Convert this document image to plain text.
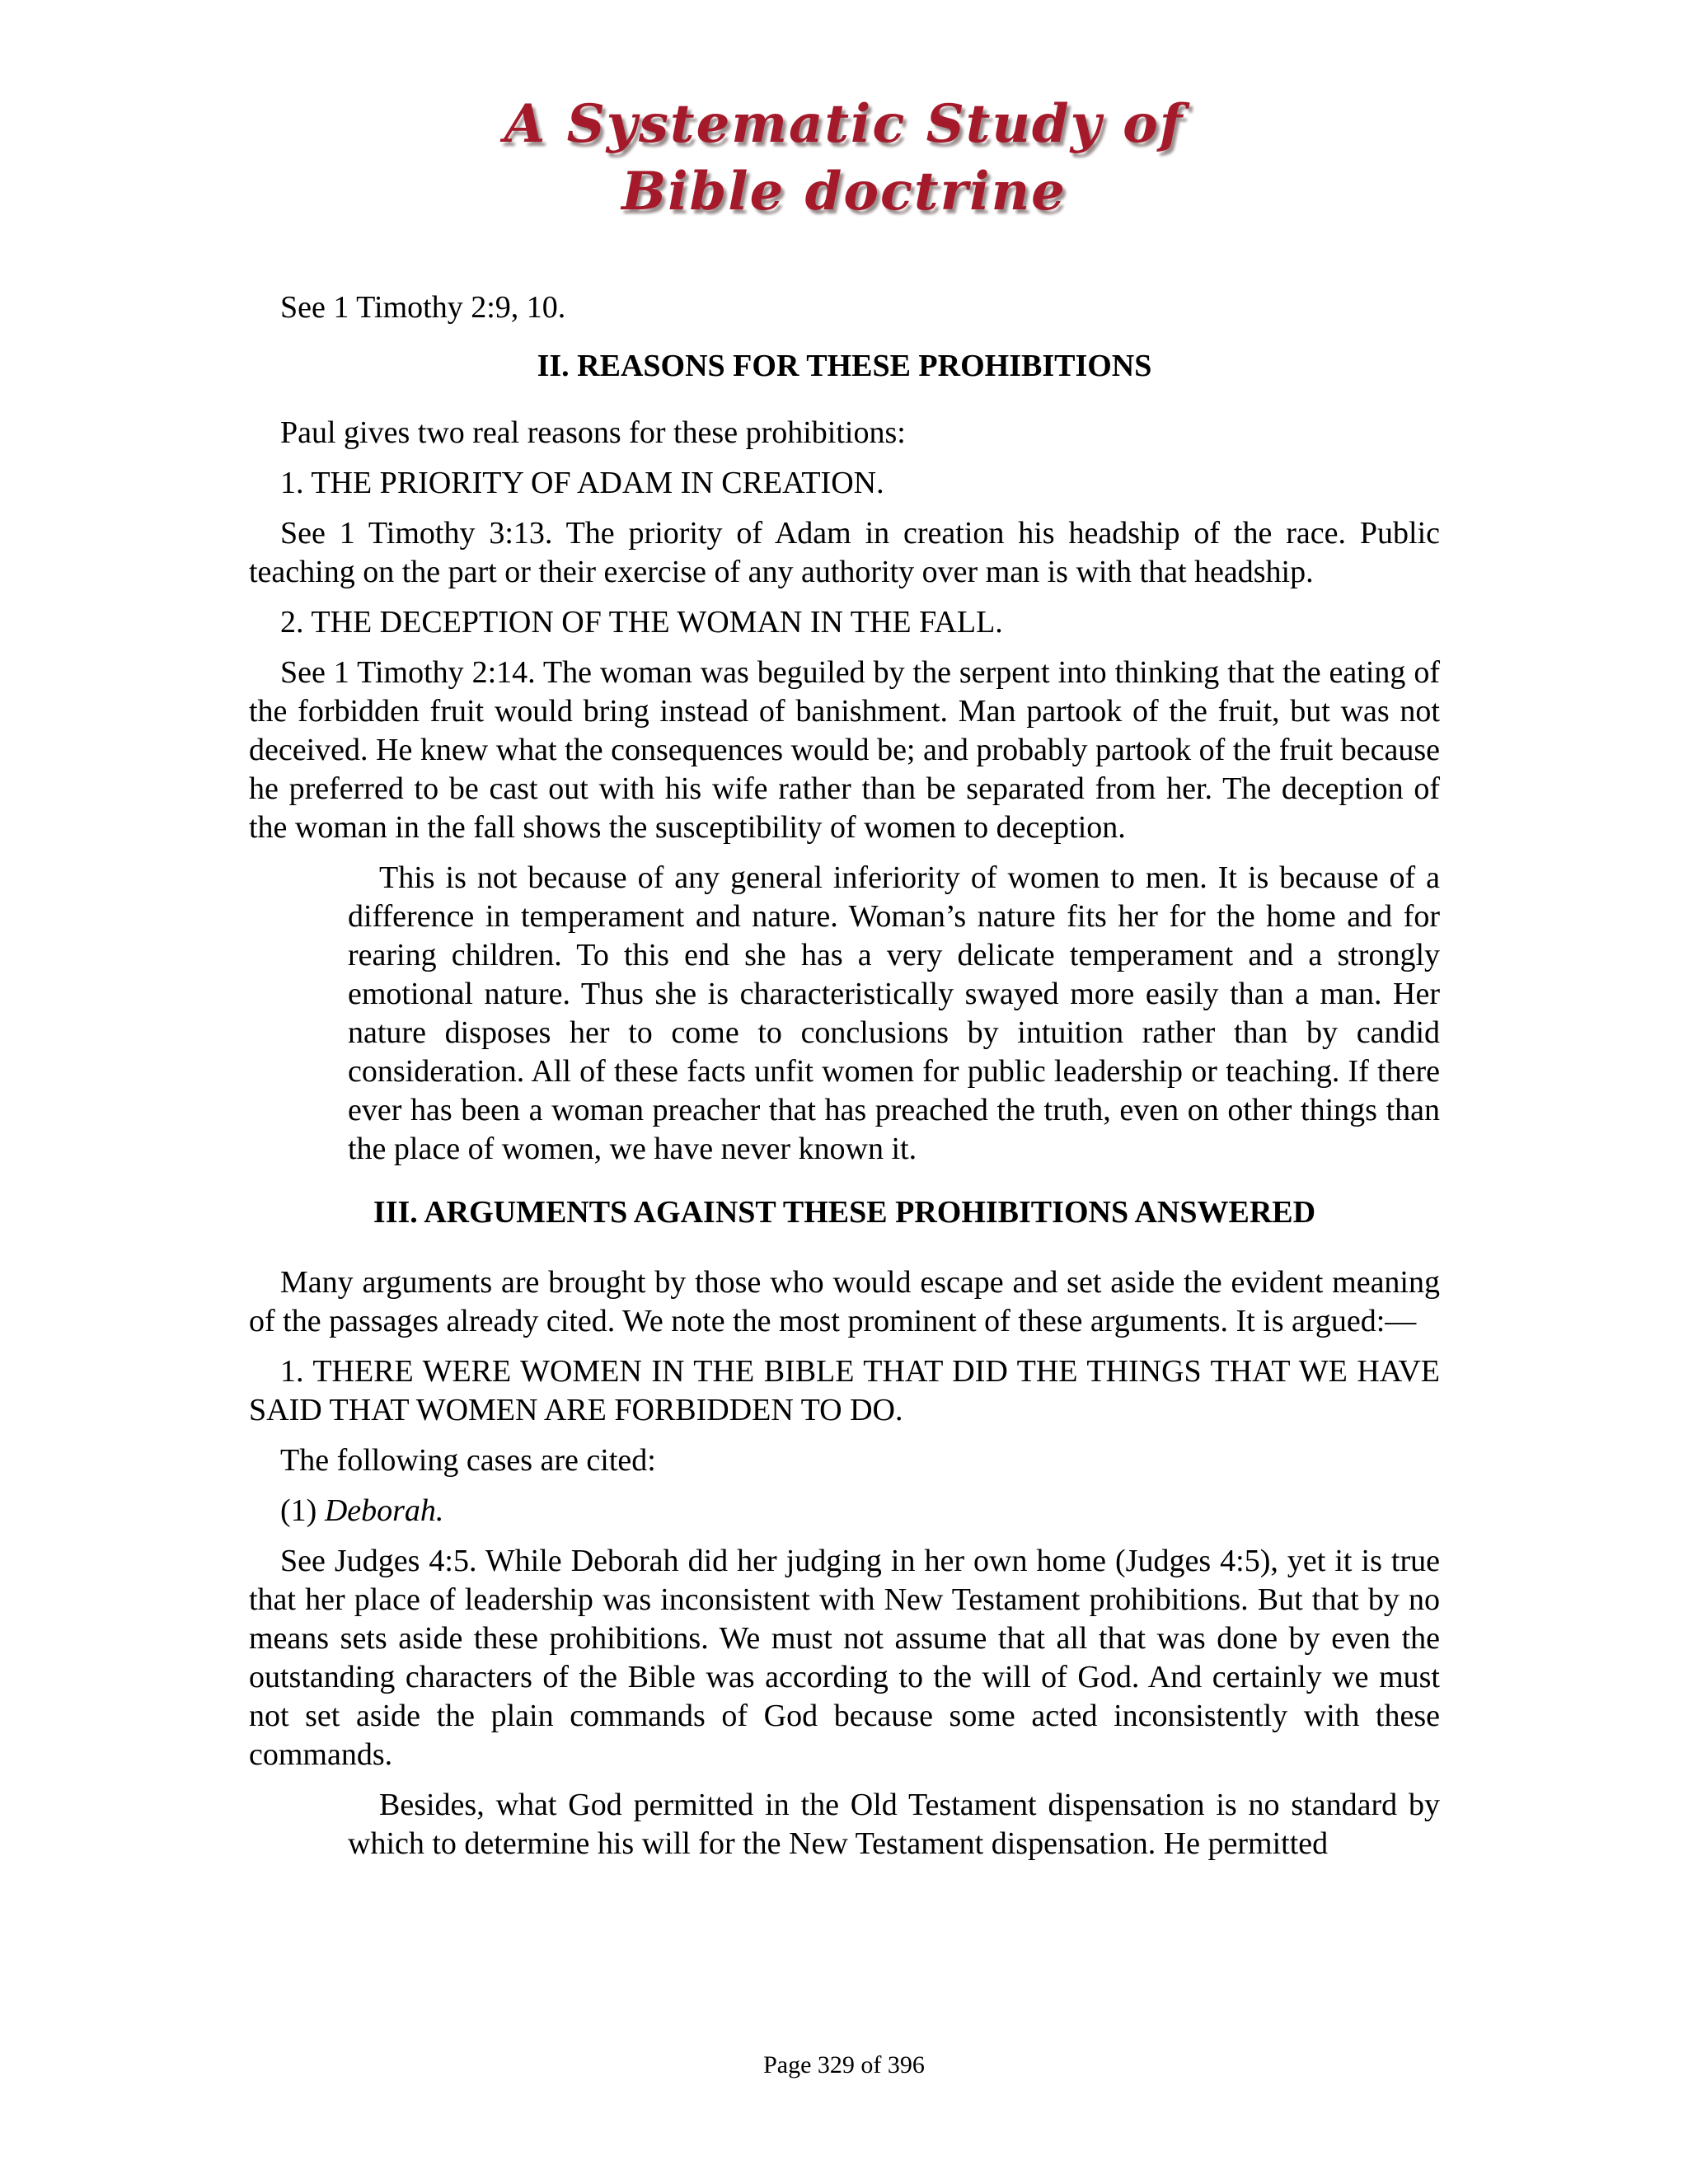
A Systematic Study of
Bible doctrine

See 1 Timothy 2:9, 10.

II. REASONS FOR THESE PROHIBITIONS

Paul gives two real reasons for these prohibitions:

1. THE PRIORITY OF ADAM IN CREATION.

See 1 Timothy 3:13. The priority of Adam in creation his headship of the race. Public teaching on the part or their exercise of any authority over man is with that headship.

2. THE DECEPTION OF THE WOMAN IN THE FALL.

See 1 Timothy 2:14. The woman was beguiled by the serpent into thinking that the eating of the forbidden fruit would bring instead of banishment. Man partook of the fruit, but was not deceived. He knew what the consequences would be; and probably partook of the fruit because he preferred to be cast out with his wife rather than be separated from her. The deception of the woman in the fall shows the susceptibility of women to deception.

This is not because of any general inferiority of women to men. It is because of a difference in temperament and nature. Woman’s nature fits her for the home and for rearing children. To this end she has a very delicate temperament and a strongly emotional nature. Thus she is characteristically swayed more easily than a man. Her nature disposes her to come to conclusions by intuition rather than by candid consideration. All of these facts unfit women for public leadership or teaching. If there ever has been a woman preacher that has preached the truth, even on other things than the place of women, we have never known it.

III. ARGUMENTS AGAINST THESE PROHIBITIONS ANSWERED

Many arguments are brought by those who would escape and set aside the evident meaning of the passages already cited. We note the most prominent of these arguments. It is argued:—

1. THERE WERE WOMEN IN THE BIBLE THAT DID THE THINGS THAT WE HAVE SAID THAT WOMEN ARE FORBIDDEN TO DO.

The following cases are cited:

(1) Deborah.

See Judges 4:5. While Deborah did her judging in her own home (Judges 4:5), yet it is true that her place of leadership was inconsistent with New Testament prohibitions. But that by no means sets aside these prohibitions. We must not assume that all that was done by even the outstanding characters of the Bible was according to the will of God. And certainly we must not set aside the plain commands of God because some acted inconsistently with these commands.

Besides, what God permitted in the Old Testament dispensation is no standard by which to determine his will for the New Testament dispensation. He permitted

Page 329 of 396
